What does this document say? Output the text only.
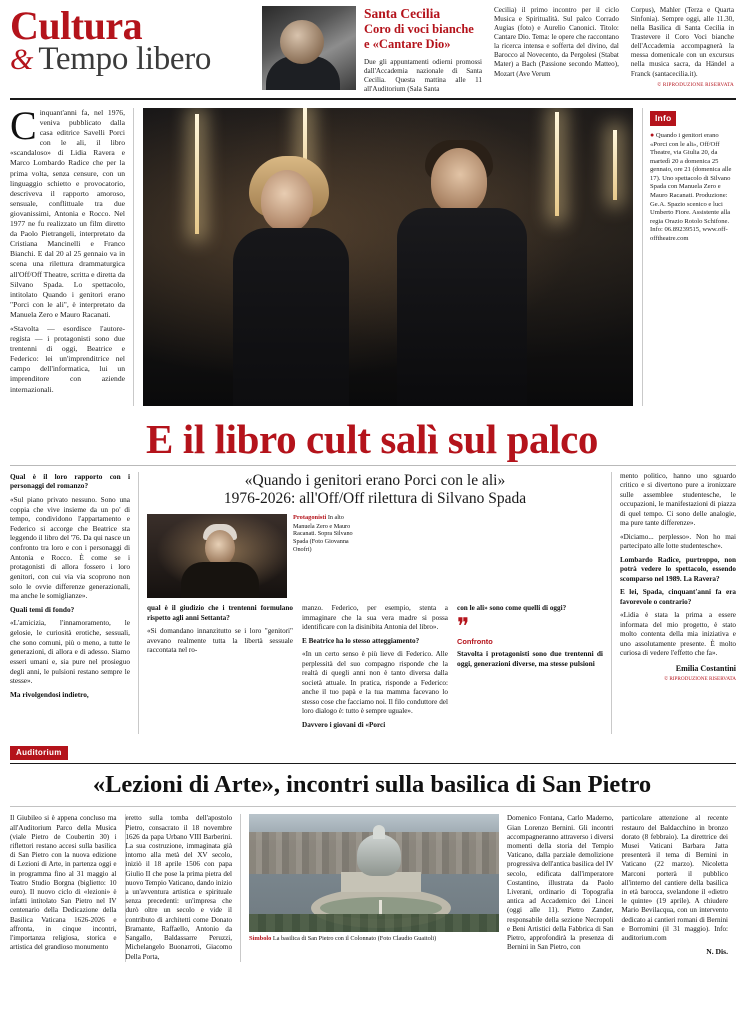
Cultura
& Tempo libero
Santa Cecilia
Coro di voci bianche
e «Cantare Dio»
Due gli appuntamenti odierni promossi dall'Accademia nazionale di Santa Cecilia. Questa mattina alle 11 all'Auditorium (Sala Santa
Cecilia) il primo incontro per il ciclo Musica e Spiritualità. Sul palco Corrado Augias (foto) e Aurelio Canonici. Titolo: Cantare Dio. Tema: le opere che raccontano la ricerca intensa e sofferta del divino, dal Barocco al Novecento, da Pergolesi (Stabat Mater) a Bach (Passione secondo Matteo), Mozart (Ave Verum
Corpus), Mahler (Terza e Quarta Sinfonia). Sempre oggi, alle 11.30, nella Basilica di Santa Cecilia in Trastevere il Coro Voci bianche dell'Accademia accompagnerà la messa domenicale con un excursus nella musica sacra, da Händel a Franck (santacecilia.it).
© RIPRODUZIONE RISERVATA

Cinquant'anni fa, nel 1976, veniva pubblicato dalla casa editrice Savelli Porci con le ali, il libro «scandaloso» di Lidia Ravera e Marco Lombardo Radice che per la prima volta, senza censure, con un linguaggio schietto e provocatorio, descriveva il rapporto amoroso, sensuale, conflittuale tra due giovanissimi, Antonia e Rocco. Nel 1977 ne fu realizzato un film diretto da Paolo Pietrangeli, interpretato da Cristiana Mancinelli e Franco Bianchi. E dal 20 al 25 gennaio va in scena una rilettura drammaturgica all'Off/Off Theatre, scritta e diretta da Silvano Spada. Lo spettacolo, intitolato Quando i genitori erano "Porci con le ali", è interpretato da Manuela Zero e Mauro Racanati.

«Stavolta — esordisce l'autore-regista — i protagonisti sono due trentenni di oggi, Beatrice e Federico: lei un'imprenditrice nel campo dell'informatica, lui un imprenditore con aziende internazionali.

Info
● Quando i genitori erano «Porci con le ali», Off/Off Theatre, via Giulia 20, da martedì 20 a domenica 25 gennaio, ore 21 (domenica alle 17). Uno spettacolo di Silvano Spada con Manuela Zero e Mauro Racanati. Produzione: Ge.A. Spazio scenico e luci Umberto Fiore. Assistente alla regia Orazio Rotolo Schifone. Info: 06.89239515, www.off-offtheatre.com
E il libro cult salì sul palco

Qual è il loro rapporto con i personaggi del romanzo?

«Sul piano privato nessuno. Sono una coppia che vive insieme da un po' di tempo, condividono l'appartamento e Federico si accorge che Beatrice sta leggendo il libro del '76. Da qui nasce un confronto tra loro e con i personaggi di Antonia e Rocco. È come se i protagonisti di allora fossero i loro genitori, con cui via via scoprono non solo le ovvie differenze generazionali, ma anche le somiglianze».

Quali temi di fondo?

«L'amicizia, l'innamoramento, le gelosie, le curiosità erotiche, sessuali, che sono comuni, più o meno, a tutte le generazioni, di allora e di adesso. Siamo esseri umani e, sia pure nel prosieguo degli anni, le pulsioni restano sempre le stesse».

Ma rivolgendosi indietro,

«Quando i genitori erano Porci con le ali»
1976-2026: all'Off/Off rilettura di Silvano Spada
Protagonisti In alto Manuela Zero e Mauro Racanati. Sopra Silvano Spada (Foto Giovanna Onofri)

qual è il giudizio che i trentenni formulano rispetto agli anni Settanta?

«Si domandano innanzitutto se i loro "genitori" avevano realmente tutta la libertà sessuale raccontata nel ro-

manzo. Federico, per esempio, stenta a immaginare che la sua vera madre si possa identificare con la disinibita Antonia del libro».

E Beatrice ha lo stesso atteggiamento?

«In un certo senso è più lieve di Federico. Alle perplessità del suo compagno risponde che la realtà di quegli anni non è tanto diversa dalla società attuale. In pratica, risponde a Federico: anche il tuo papà e la tua mamma facevano lo stesso cose che facciamo noi. Il filo conduttore del loro dialogo è: tutto è sempre uguale».

Davvero i giovani di «Porci

con le ali» sono come quelli di oggi?

❞
Confronto
Stavolta i protagonisti sono due trentenni di oggi, generazioni diverse, ma stesse pulsioni

mento politico, hanno uno sguardo critico e si divertono pure a ironizzare sulle assemblee studentesche, le occupazioni, le manifestazioni di piazza di quel tempo. Ci sono delle analogie, ma pure tante differenze».

«Diciamo... perplesso». Non ho mai partecipato alle lotte studentesche».

Lombardo Radice, purtroppo, non potrà vedere lo spettacolo, essendo scomparso nel 1989. La Ravera?

E lei, Spada, cinquant'anni fa era favorevole o contrario?

«Lidia è stata la prima a essere informata del mio progetto, è stato molto contenta della mia iniziativa e uno assolutamente presente. È molto curiosa di vedere l'effetto che fa».

Emilia Costantini
© RIPRODUZIONE RISERVATA
Auditorium
«Lezioni di Arte», incontri sulla basilica di San Pietro
Il Giubileo si è appena concluso ma all'Auditorium Parco della Musica (viale Pietro de Coubertin 30) i riflettori restano accesi sulla basilica di San Pietro con la nuova edizione di Lezioni di Arte, in partenza oggi e in programma fino al 31 maggio al Teatro Studio Borgna (biglietto: 10 euro). Il nuovo ciclo di «lezioni» è infatti intitolato San Pietro nel IV centenario della Dedicazione della Basilica Vaticana 1626-2026 e affronta, in cinque incontri, l'importanza religiosa, storica e artistica del grandioso monumento
eretto sulla tomba dell'apostolo Pietro, consacrato il 18 novembre 1626 da papa Urbano VIII Barberini. La sua costruzione, immaginata già intorno alla metà del XV secolo, iniziò il 18 aprile 1506 con papa Giulio II che pose la prima pietra del nuovo Tempio Vaticano, dando inizio a un'avventura artistica e spirituale senza precedenti: un'impresa che durò oltre un secolo e vide il contributo di architetti come Donato Bramante, Raffaello, Antonio da Sangallo, Baldassarre Peruzzi, Michelangelo Buonarroti, Giacomo Della Porta,
Simbolo La basilica di San Pietro con il Colonnato (Foto Claudio Guaitoli)
Domenico Fontana, Carlo Maderno, Gian Lorenzo Bernini. Gli incontri accompagneranno attraverso i diversi momenti della storia del Tempio Vaticano, dalla parziale demolizione progressiva dell'antica basilica del IV secolo, edificata dall'imperatore Costantino, illustrata da Paolo Liverani, ordinario di Topografia antica ad Accademico dei Lincei (oggi alle 11). Pietro Zander, responsabile della sezione Necropoli e Beni Artistici della Fabbrica di San Pietro, approfondirà la presenza di Bernini in San Pietro, con
particolare attenzione al recente restauro del Baldacchino in bronzo dorato (8 febbraio). La direttrice dei Musei Vaticani Barbara Jatta presenterà il tema di Bernini in Vaticano (22 marzo). Nicoletta Marconi porterà il pubblico all'interno del cantiere della basilica in età barocca, svelandone il «dietro le quinte» (19 aprile). A chiudere Mario Bevilacqua, con un intervento dedicato ai cantieri romani di Bernini e Borromini (il 31 maggio). Info: auditorium.com
N. Dis.
